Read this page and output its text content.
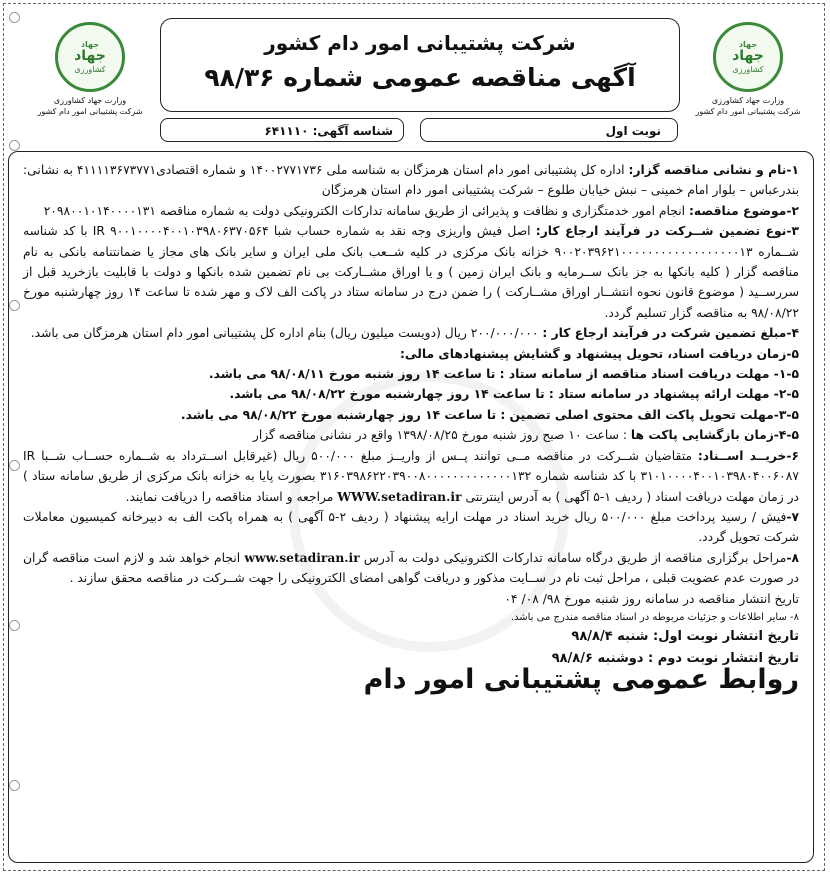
جهاد
جهاد
کشاورزی
وزارت جهاد کشاورزی
شرکت پشتیبانی امور دام کشور
شرکت پشتیبانی امور دام کشور
آگهی مناقصه عمومی شماره ۹۸/۳۶
شناسه آگهی: ۶۴۱۱۱۰	نوبت اول
جهاد
جهاد
کشاورزی
وزارت جهاد کشاورزی
شرکت پشتیبانی امور دام کشور

۱-نام و نشانی مناقصه گزار: اداره کل پشتیبانی امور دام استان هرمزگان به شناسه ملی ۱۴۰۰۲۷۷۱۷۳۶ و شماره اقتصادی۴۱۱۱۱۳۶۷۳۷۷۱ به نشانی: بندرعباس – بلوار امام خمینی – نبش خیابان طلوع – شرکت پشتیبانی امور دام استان هرمزگان

۲-موضوع مناقصه: انجام امور خدمتگزاری و نظافت و پذیرائی از طریق سامانه تدارکات الکترونیکی دولت به شماره مناقصه ۲۰۹۸۰۰۱۰۱۴۰۰۰۰۱۳۱

۳-نوع تضمین شــرکت در فرآیند ارجاع کار: اصل فیش واریزی وجه نقد به شماره حساب شبا IR ۹۰۰۱۰۰۰۰۴۰۰۱۰۳۹۸۰۶۳۷۰۵۶۴ با کد شناسه شــماره ۹۰۰۲۰۳۹۶۲۱۰۰۰۰۰۰۰۰۰۰۰۰۰۰۰۰۰۰۱۳ خزانه بانک مرکزی در کلیه شــعب بانک ملی ایران و سایر بانک های مجاز یا ضمانتنامه بانکی به نام مناقصه گزار ( کلیه بانکها به جز بانک ســرمایه و بانک ایران زمین ) و یا اوراق مشــارکت بی نام تضمین شده بانکها و دولت با قابلیت بازخرید قبل از سررســید ( موضوع قانون نحوه انتشــار اوراق مشــارکت ) را ضمن درج در سامانه ستاد در پاکت الف لاک و مهر شده تا ساعت ۱۴ روز چهارشنبه مورخ ۹۸/۰۸/۲۲ به مناقصه گزار تسلیم گردد.

۴-مبلغ تضمین شرکت در فرآیند ارجاع کار : ۲۰۰/۰۰۰/۰۰۰ ریال (دویست میلیون ریال) بنام اداره کل پشتیبانی امور دام استان هرمزگان می باشد.

۵-زمان دریافت اسناد، تحویل پیشنهاد و گشایش پیشنهادهای مالی:

۱-۵- مهلت دریافت اسناد مناقصه از سامانه ستاد : تا ساعت ۱۴ روز شنبه مورخ ۹۸/۰۸/۱۱ می باشد.

۲-۵- مهلت ارائه پیشنهاد در سامانه ستاد : تا ساعت ۱۴ روز چهارشنبه مورخ ۹۸/۰۸/۲۲ می باشد.

۳-۵-مهلت تحویل پاکت الف محتوی اصلی تضمین : تا ساعت ۱۴ روز چهارشنبه مورخ ۹۸/۰۸/۲۲ می باشد.

۴-۵-زمان بازگشایی پاکت ها : ساعت ۱۰ صبح روز شنبه مورخ ۱۳۹۸/۰۸/۲۵ واقع در نشانی مناقصه گزار

۶-خریــد اســناد: متقاضیان شــرکت در مناقصه مــی توانند پــس از واریــز مبلغ ۵۰۰/۰۰۰ ریال (غیرقابل اســترداد به شــماره حســاب شــبا IR ۳۱۰۱۰۰۰۰۴۰۰۱۰۳۹۸۰۴۰۰۶۰۸۷ با کد شناسه شماره ۳۱۶۰۳۹۸۶۲۲۰۳۹۰۰۸۰۰۰۰۰۰۰۰۰۰۰۰۰۱۳۲ بصورت پایا به خزانه بانک مرکزی از طریق سامانه ستاد ) در زمان مهلت دریافت اسناد ( ردیف ۱-۵ آگهی ) به آدرس اینترنتی WWW.setadiran.ir مراجعه و اسناد مناقصه را دریافت نمایند.

۷-فیش / رسید پرداخت مبلغ ۵۰۰/۰۰۰ ریال خرید اسناد در مهلت ارایه پیشنهاد ( ردیف ۲-۵ آگهی ) به همراه پاکت الف به دبیرخانه کمیسیون معاملات شرکت تحویل گردد.

۸-مراحل برگزاری مناقصه از طریق درگاه سامانه تدارکات الکترونیکی دولت به آدرس www.setadiran.ir انجام خواهد شد و لازم است مناقصه گران در صورت عدم عضویت قبلی ، مراحل ثبت نام در ســایت مذکور و دریافت گواهی امضای الکترونیکی را جهت شــرکت در مناقصه محقق سازند .

تاریخ انتشار مناقصه در سامانه روز شنبه مورخ ۹۸/ ۰۸/ ۰۴

۸- سایر اطلاعات و جزئیات مربوطه در اسناد مناقصه مندرج می باشد.

تاریخ انتشار نوبت اول: شنبه ۹۸/۸/۴

تاریخ انتشار نوبت دوم : دوشنبه ۹۸/۸/۶

روابط عمومی پشتیبانی امور دام
